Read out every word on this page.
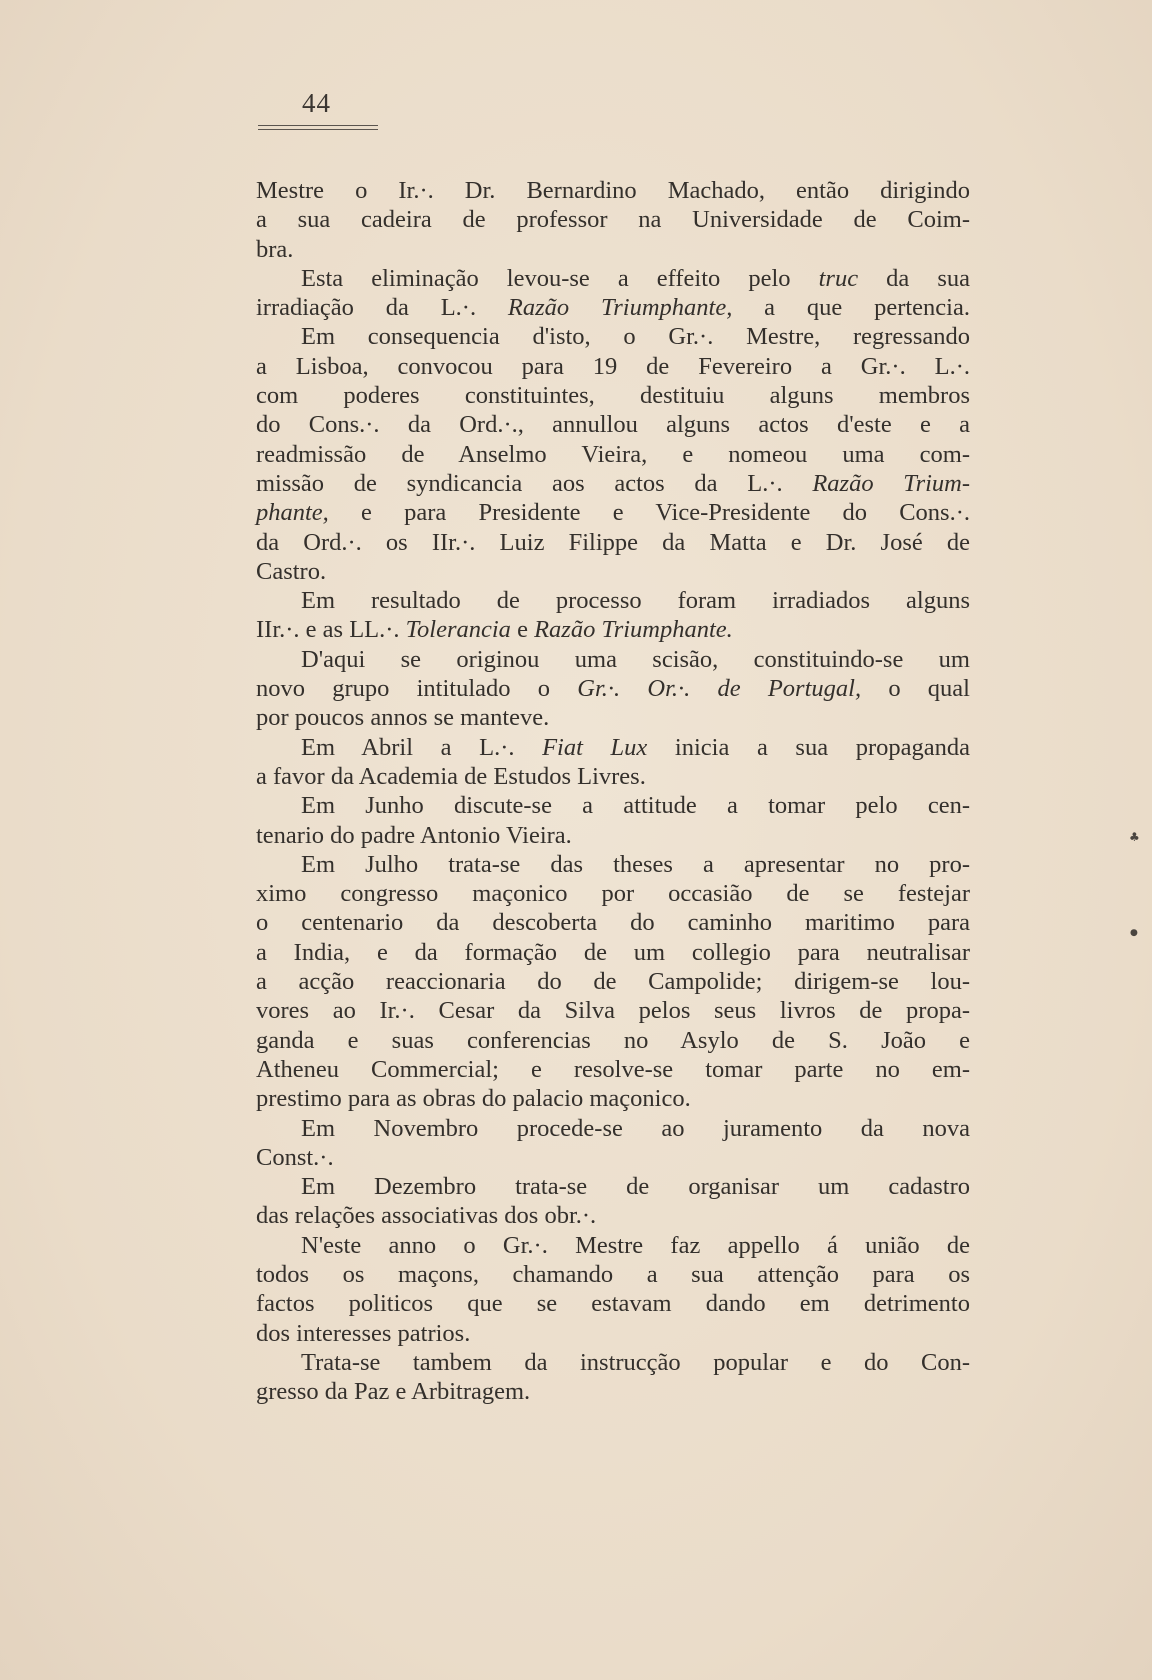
44
Mestre o Ir.·. Dr. Bernardino Machado, então dirigindo
a sua cadeira de professor na Universidade de Coim-
bra.
Esta eliminação levou-se a effeito pelo truc da sua
irradiação da L.·. Razão Triumphante, a que pertencia.
Em consequencia d'isto, o Gr.·. Mestre, regressando
a Lisboa, convocou para 19 de Fevereiro a Gr.·. L.·.
com poderes constituintes, destituiu alguns membros
do Cons.·. da Ord.·., annullou alguns actos d'este e a
readmissão de Anselmo Vieira, e nomeou uma com-
missão de syndicancia aos actos da L.·. Razão Trium-
phante, e para Presidente e Vice-Presidente do Cons.·.
da Ord.·. os IIr.·. Luiz Filippe da Matta e Dr. José de
Castro.
Em resultado de processo foram irradiados alguns
IIr.·. e as LL.·. Tolerancia e Razão Triumphante.
D'aqui se originou uma scisão, constituindo-se um
novo grupo intitulado o Gr.·. Or.·. de Portugal, o qual
por poucos annos se manteve.
Em Abril a L.·. Fiat Lux inicia a sua propaganda
a favor da Academia de Estudos Livres.
Em Junho discute-se a attitude a tomar pelo cen-
tenario do padre Antonio Vieira.
Em Julho trata-se das theses a apresentar no pro-
ximo congresso maçonico por occasião de se festejar
o centenario da descoberta do caminho maritimo para
a India, e da formação de um collegio para neutralisar
a acção reaccionaria do de Campolide; dirigem-se lou-
vores ao Ir.·. Cesar da Silva pelos seus livros de propa-
ganda e suas conferencias no Asylo de S. João e
Atheneu Commercial; e resolve-se tomar parte no em-
prestimo para as obras do palacio maçonico.
Em Novembro procede-se ao juramento da nova
Const.·.
Em Dezembro trata-se de organisar um cadastro
das relações associativas dos obr.·.
N'este anno o Gr.·. Mestre faz appello á união de
todos os maçons, chamando a sua attenção para os
factos politicos que se estavam dando em detrimento
dos interesses patrios.
Trata-se tambem da instrucção popular e do Con-
gresso da Paz e Arbitragem.
♣
●
